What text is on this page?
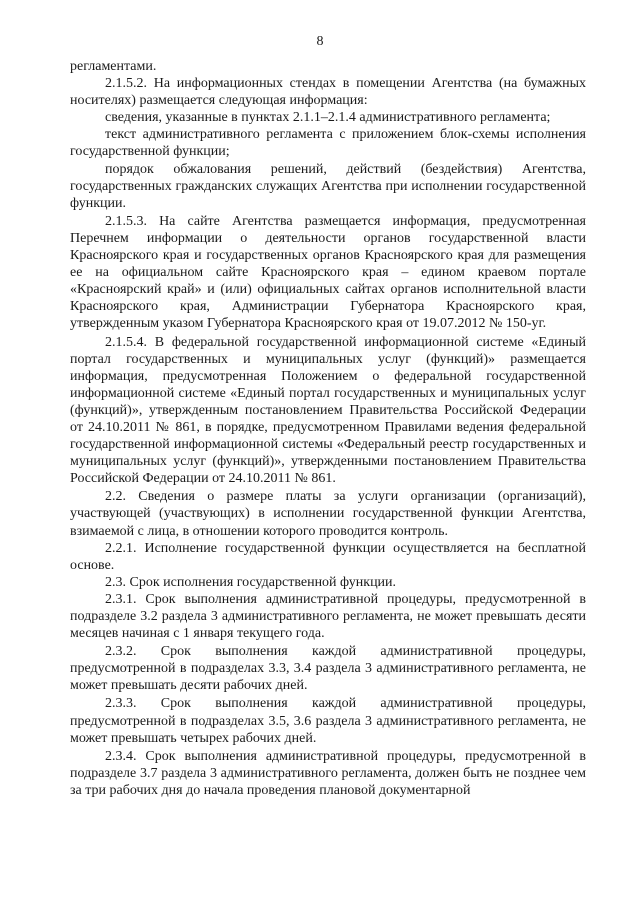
8

регламентами.

2.1.5.2. На информационных стендах в помещении Агентства (на бумажных носителях) размещается следующая информация:

сведения, указанные в пунктах 2.1.1–2.1.4 административного регламента;

текст административного регламента с приложением блок-схемы исполнения государственной функции;

порядок обжалования решений, действий (бездействия) Агентства, государственных гражданских служащих Агентства при исполнении государственной функции.

2.1.5.3. На сайте Агентства размещается информация, предусмотренная Перечнем информации о деятельности органов государственной власти Красноярского края и государственных органов Красноярского края для размещения ее на официальном сайте Красноярского края – едином краевом портале «Красноярский край» и (или) официальных сайтах органов исполнительной власти Красноярского края, Администрации Губернатора Красноярского края, утвержденным указом Губернатора Красноярского края от 19.07.2012 № 150-уг.

2.1.5.4. В федеральной государственной информационной системе «Единый портал государственных и муниципальных услуг (функций)» размещается информация, предусмотренная Положением о федеральной государственной информационной системе «Единый портал государственных и муниципальных услуг (функций)», утвержденным постановлением Правительства Российской Федерации от 24.10.2011 № 861, в порядке, предусмотренном Правилами ведения федеральной государственной информационной системы «Федеральный реестр государственных и муниципальных услуг (функций)», утвержденными постановлением Правительства Российской Федерации от 24.10.2011 № 861.

2.2. Сведения о размере платы за услуги организации (организаций), участвующей (участвующих) в исполнении государственной функции Агентства, взимаемой с лица, в отношении которого проводится контроль.

2.2.1. Исполнение государственной функции осуществляется на бесплатной основе.

2.3. Срок исполнения государственной функции.

2.3.1. Срок выполнения административной процедуры, предусмотренной в подразделе 3.2 раздела 3 административного регламента, не может превышать десяти месяцев начиная с 1 января текущего года.

2.3.2. Срок выполнения каждой административной процедуры, предусмотренной в подразделах 3.3, 3.4 раздела 3 административного регламента, не может превышать десяти рабочих дней.

2.3.3. Срок выполнения каждой административной процедуры, предусмотренной в подразделах 3.5, 3.6 раздела 3 административного регламента, не может превышать четырех рабочих дней.

2.3.4. Срок выполнения административной процедуры, предусмотренной в подразделе 3.7 раздела 3 административного регламента, должен быть не позднее чем за три рабочих дня до начала проведения плановой документарной
